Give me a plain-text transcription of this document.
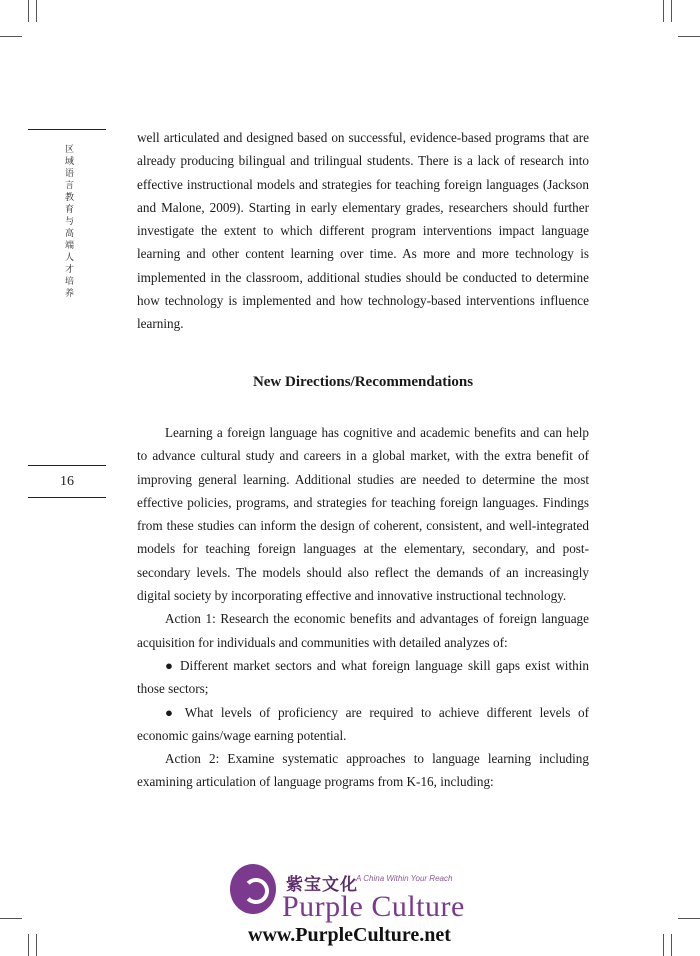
区域语言教育与高端人才培养
16

well articulated and designed based on successful, evidence-based programs that are already producing bilingual and trilingual students. There is a lack of research into effective instructional models and strategies for teaching foreign languages (Jackson and Malone, 2009). Starting in early elementary grades, researchers should further investigate the extent to which different program interventions impact language learning and other content learning over time. As more and more technology is implemented in the classroom, additional studies should be conducted to determine how technology is implemented and how technology-based interventions influence learning.

New Directions/Recommendations

Learning a foreign language has cognitive and academic benefits and can help to advance cultural study and careers in a global market, with the extra benefit of improving general learning. Additional studies are needed to determine the most effective policies, programs, and strategies for teaching foreign languages. Findings from these studies can inform the design of coherent, consistent, and well-integrated models for teaching foreign languages at the elementary, secondary, and post-secondary levels. The models should also reflect the demands of an increasingly digital society by incorporating effective and innovative instructional technology.

Action 1: Research the economic benefits and advantages of foreign language acquisition for individuals and communities with detailed analyzes of:

● Different market sectors and what foreign language skill gaps exist within those sectors;

● What levels of proficiency are required to achieve different levels of economic gains/wage earning potential.

Action 2: Examine systematic approaches to language learning including examining articulation of language programs from K-16, including:

紫宝文化
A China Within Your Reach
Purple Culture
www.PurpleCulture.net
